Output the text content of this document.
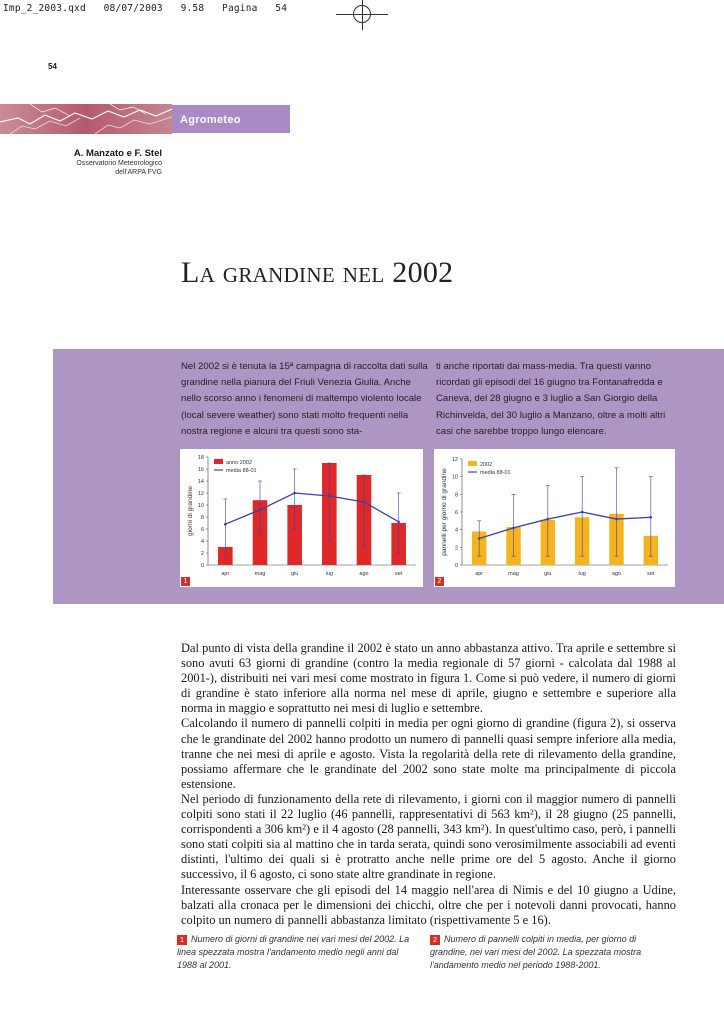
Imp_2_2003.qxd   08/07/2003   9.58   Pagina   54
54
Agrometeo
A. Manzato e F. Stel
Osservatorio Meteorologico
dell'ARPA FVG
La grandine nel 2002
Nel 2002 si è tenuta la 15ª campagna di raccolta dati sulla grandine nella pianura del Friuli Venezia Giulia. Anche nello scorso anno i fenomeni di maltempo violento locale (local severe weather) sono stati molto frequenti nella nostra regione e alcuni tra questi sono sta-
ti anche riportati dai mass-media. Tra questi vanno ricordati gli episodi del 16 giugno tra Fontanafredda e Caneva, del 28 giugno e 3 luglio a San Giorgio della Richinvelda, del 30 luglio a Manzano, oltre a molti altri casi che sarebbe troppo lungo elencare.
0
2
4
6
8
10
12
14
16
18
giorni di grandine
apr	mag	giu	lug	ago	set
anno 2002
media 88-01
1
0
2
4
6
8
10
12
pannelli per giorno di grandine
apr	mag	giu	lug	ago	set
2002
media 88-01
2

Dal punto di vista della grandine il 2002 è stato un anno abbastanza attivo. Tra aprile e settembre si sono avuti 63 giorni di grandine (contro la media regionale di 57 giorni - calcolata dal 1988 al 2001-), distribuiti nei vari mesi come mostrato in figura 1. Come si può vedere, il numero di giorni di grandine è stato inferiore alla norma nel mese di aprile, giugno e settembre e superiore alla norma in maggio e soprattutto nei mesi di luglio e settembre.

Calcolando il numero di pannelli colpiti in media per ogni giorno di grandine (figura 2), si osserva che le grandinate del 2002 hanno prodotto un numero di pannelli quasi sempre inferiore alla media, tranne che nei mesi di aprile e agosto. Vista la regolarità della rete di rilevamento della grandine, possiamo affermare che le grandinate del 2002 sono state molte ma principalmente di piccola estensione.

Nel periodo di funzionamento della rete di rilevamento, i giorni con il maggior numero di pannelli colpiti sono stati il 22 luglio (46 pannelli, rappresentativi di 563 km²), il 28 giugno (25 pannelli, corrispondenti a 306 km²) e il 4 agosto (28 pannelli, 343 km²). In quest'ultimo caso, però, i pannelli sono stati colpiti sia al mattino che in tarda serata, quindi sono verosimilmente associabili ad eventi distinti, l'ultimo dei quali si è protratto anche nelle prime ore del 5 agosto. Anche il giorno successivo, il 6 agosto, ci sono state altre grandinate in regione.

Interessante osservare che gli episodi del 14 maggio nell'area di Nimis e del 10 giugno a Udine, balzati alla cronaca per le dimensioni dei chicchi, oltre che per i notevoli danni provocati, hanno colpito un numero di pannelli abbastanza limitato (rispettivamente 5 e 16).

1 Numero di giorni di grandine nei vari mesi del 2002. La linea spezzata mostra l'andamento medio negli anni dal 1988 al 2001.
2 Numero di pannelli colpiti in media, per giorno di grandine, nei vari mesi del 2002. La spezzata mostra l'andamento medio nel periodo 1988-2001.
